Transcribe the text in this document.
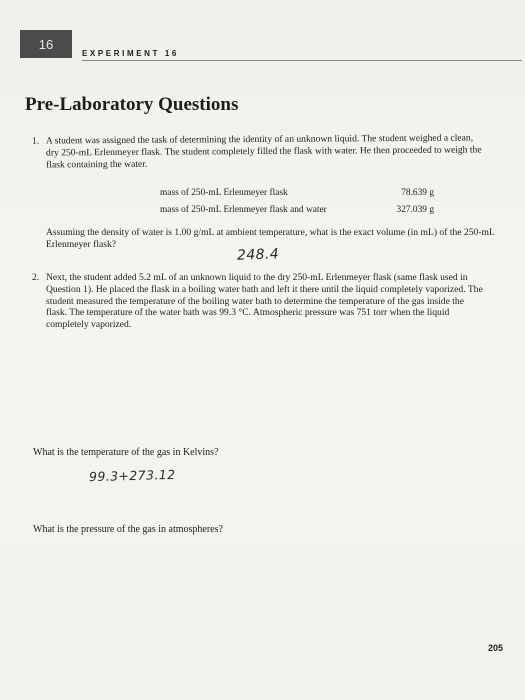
16
EXPERIMENT 16
Pre-Laboratory Questions
1. A student was assigned the task of determining the identity of an unknown liquid. The student weighed a clean, dry 250-mL Erlenmeyer flask. The student completely filled the flask with water. He then proceeded to weigh the flask containing the water.
mass of 250-mL Erlenmeyer flask	78.639 g
mass of 250-mL Erlenmeyer flask and water	327.039 g
Assuming the density of water is 1.00 g/mL at ambient temperature, what is the exact volume (in mL) of the 250-mL Erlenmeyer flask?
248.4
2. Next, the student added 5.2 mL of an unknown liquid to the dry 250-mL Erlenmeyer flask (same flask used in Question 1). He placed the flask in a boiling water bath and left it there until the liquid completely vaporized. The student measured the temperature of the boiling water bath to determine the temperature of the gas inside the flask. The temperature of the water bath was 99.3 °C. Atmospheric pressure was 751 torr when the liquid completely vaporized.
What is the temperature of the gas in Kelvins?
99.3+273.12
What is the pressure of the gas in atmospheres?
205
